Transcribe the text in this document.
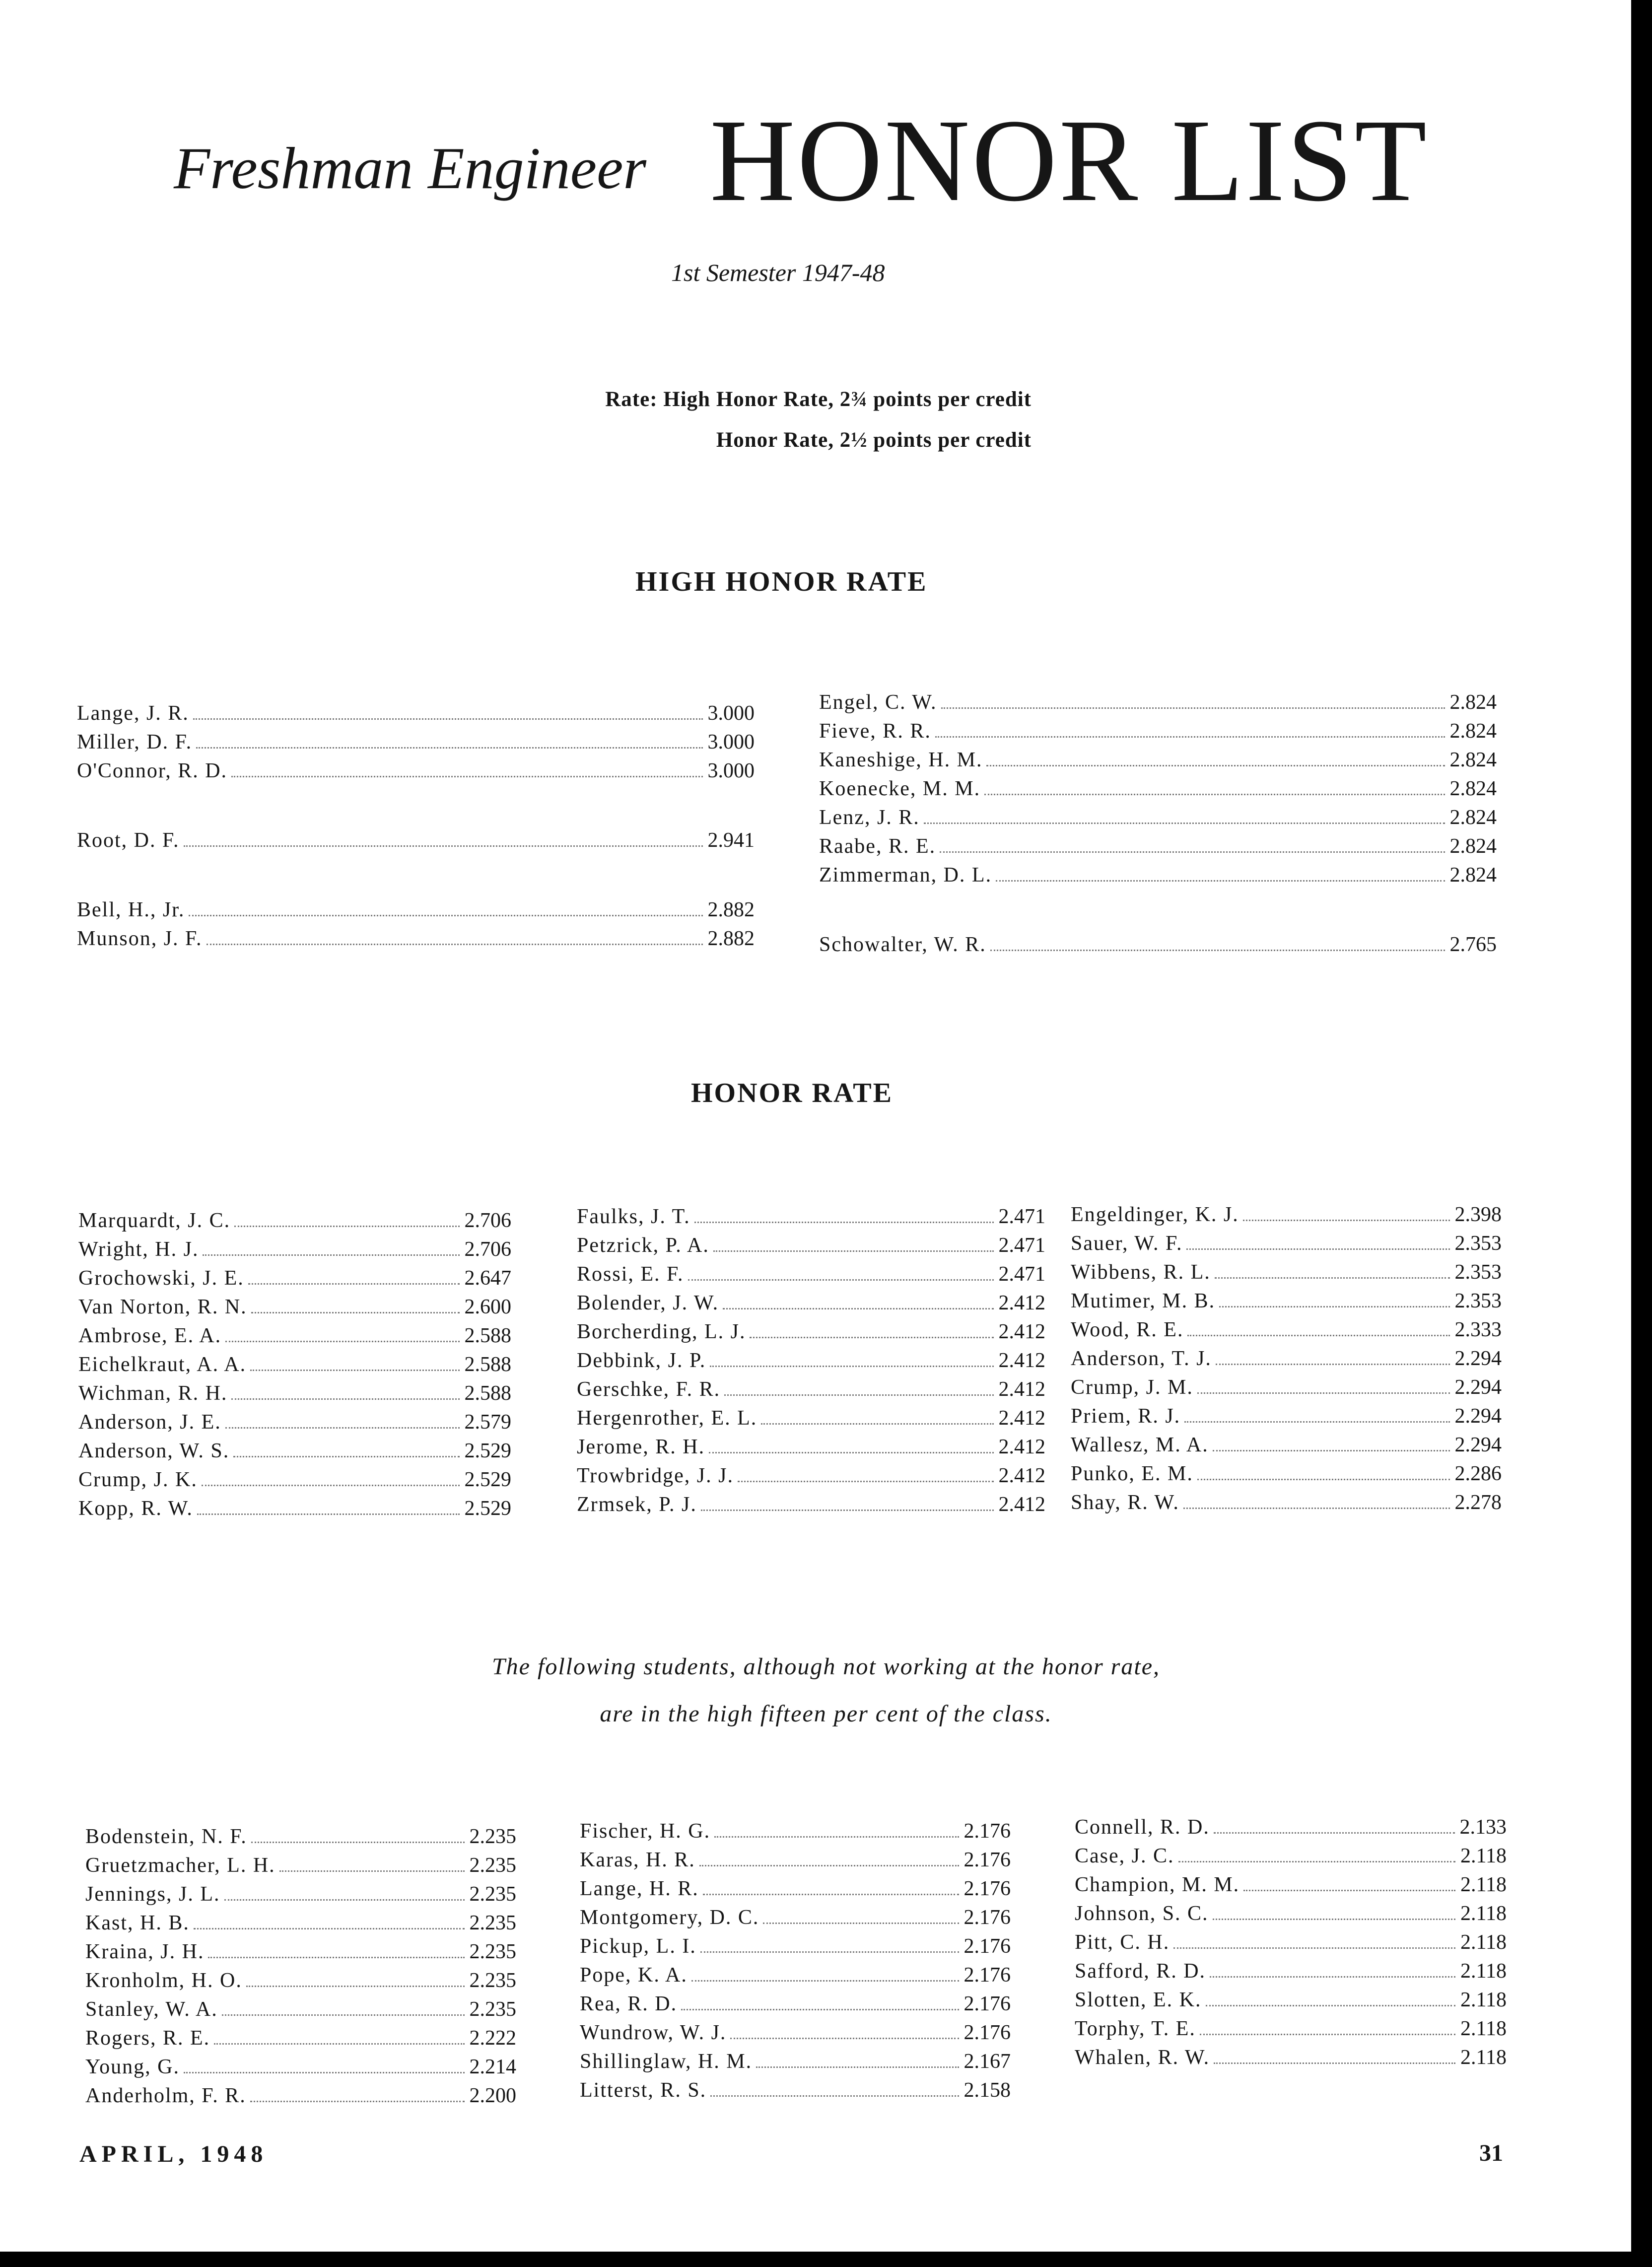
Freshman Engineer HONOR LIST
1st Semester 1947-48
Rate: High Honor Rate, 2¾ points per credit
Honor Rate, 2½ points per credit
HIGH HONOR RATE
Lange, J. R.	3.000
Miller, D. F.	3.000
O'Connor, R. D.	3.000
Root, D. F.	2.941
Bell, H., Jr.	2.882
Munson, J. F.	2.882
Engel, C. W.	2.824
Fieve, R. R.	2.824
Kaneshige, H. M.	2.824
Koenecke, M. M.	2.824
Lenz, J. R.	2.824
Raabe, R. E.	2.824
Zimmerman, D. L.	2.824
Schowalter, W. R.	2.765
HONOR RATE
Marquardt, J. C.	2.706
Wright, H. J.	2.706
Grochowski, J. E.	2.647
Van Norton, R. N.	2.600
Ambrose, E. A.	2.588
Eichelkraut, A. A.	2.588
Wichman, R. H.	2.588
Anderson, J. E.	2.579
Anderson, W. S.	2.529
Crump, J. K.	2.529
Kopp, R. W.	2.529
Faulks, J. T.	2.471
Petzrick, P. A.	2.471
Rossi, E. F.	2.471
Bolender, J. W.	2.412
Borcherding, L. J.	2.412
Debbink, J. P.	2.412
Gerschke, F. R.	2.412
Hergenrother, E. L.	2.412
Jerome, R. H.	2.412
Trowbridge, J. J.	2.412
Zrmsek, P. J.	2.412
Engeldinger, K. J.	2.398
Sauer, W. F.	2.353
Wibbens, R. L.	2.353
Mutimer, M. B.	2.353
Wood, R. E.	2.333
Anderson, T. J.	2.294
Crump, J. M.	2.294
Priem, R. J.	2.294
Wallesz, M. A.	2.294
Punko, E. M.	2.286
Shay, R. W.	2.278
The following students, although not working at the honor rate,
are in the high fifteen per cent of the class.
Bodenstein, N. F.	2.235
Gruetzmacher, L. H.	2.235
Jennings, J. L.	2.235
Kast, H. B.	2.235
Kraina, J. H.	2.235
Kronholm, H. O.	2.235
Stanley, W. A.	2.235
Rogers, R. E.	2.222
Young, G.	2.214
Anderholm, F. R.	2.200
Fischer, H. G.	2.176
Karas, H. R.	2.176
Lange, H. R.	2.176
Montgomery, D. C.	2.176
Pickup, L. I.	2.176
Pope, K. A.	2.176
Rea, R. D.	2.176
Wundrow, W. J.	2.176
Shillinglaw, H. M.	2.167
Litterst, R. S.	2.158
Connell, R. D.	2.133
Case, J. C.	2.118
Champion, M. M.	2.118
Johnson, S. C.	2.118
Pitt, C. H.	2.118
Safford, R. D.	2.118
Slotten, E. K.	2.118
Torphy, T. E.	2.118
Whalen, R. W.	2.118
APRIL, 1948	31
